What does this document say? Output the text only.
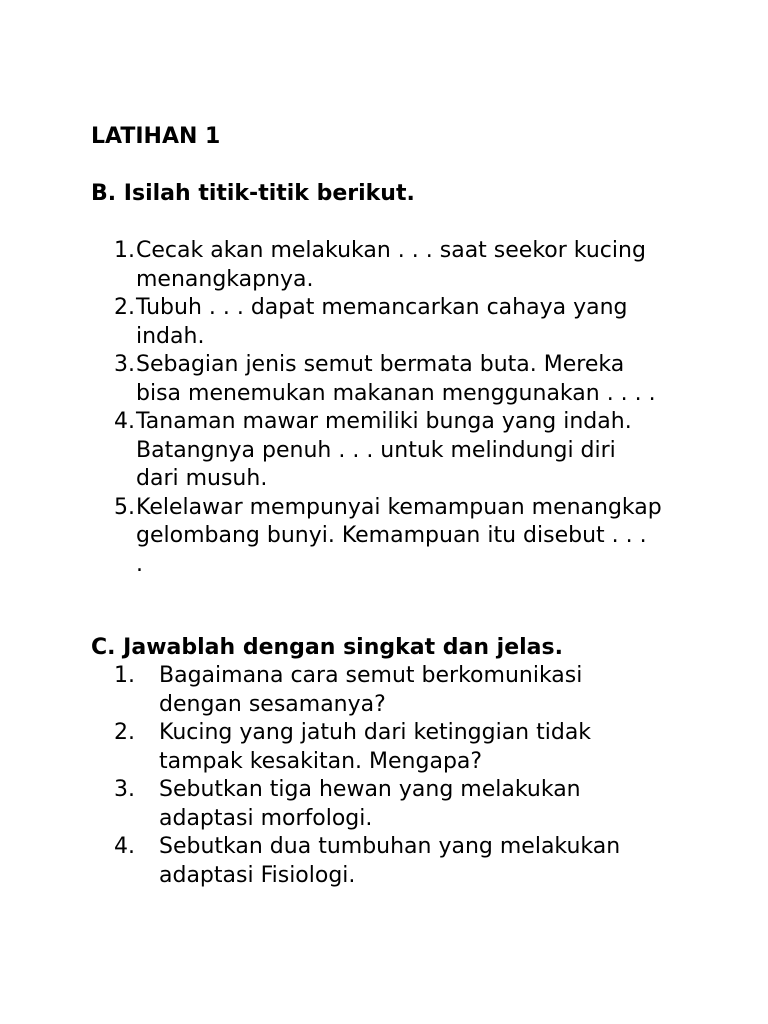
LATIHAN 1
B. Isilah titik-titik berikut.
1. Cecak akan melakukan . . . saat seekor kucing
menangkapnya.
2. Tubuh . . . dapat memancarkan cahaya yang
indah.
3. Sebagian jenis semut bermata buta. Mereka
bisa menemukan makanan menggunakan . . . .
4. Tanaman mawar memiliki bunga yang indah.
Batangnya penuh . . . untuk melindungi diri
dari musuh.
5. Kelelawar mempunyai kemampuan menangkap
gelombang bunyi. Kemampuan itu disebut . . .
.
C. Jawablah dengan singkat dan jelas.
1. Bagaimana cara semut berkomunikasi
dengan sesamanya?
2. Kucing yang jatuh dari ketinggian tidak
tampak kesakitan. Mengapa?
3. Sebutkan tiga hewan yang melakukan
adaptasi morfologi.
4. Sebutkan dua tumbuhan yang melakukan
adaptasi Fisiologi.
